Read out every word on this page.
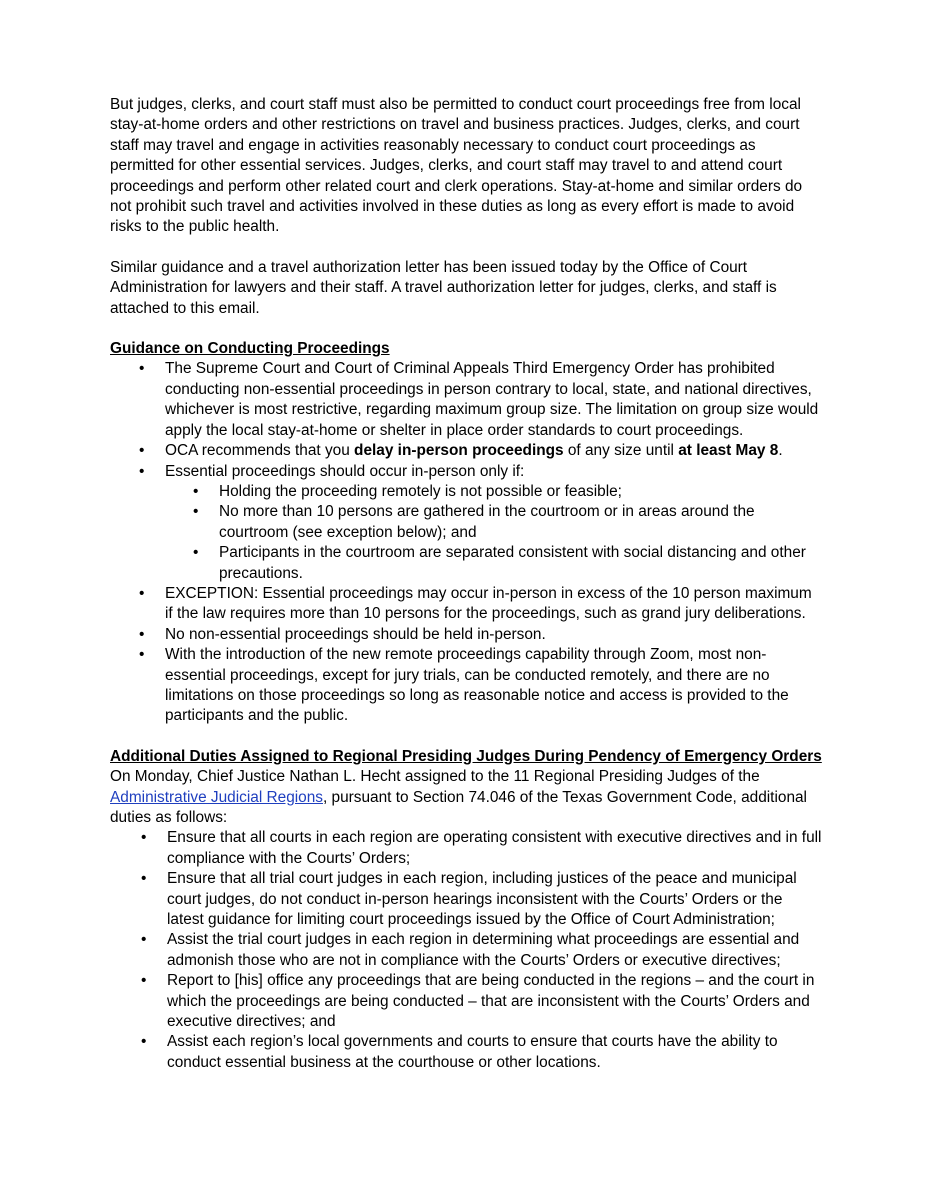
But judges, clerks, and court staff must also be permitted to conduct court proceedings free from local stay-at-home orders and other restrictions on travel and business practices. Judges, clerks, and court staff may travel and engage in activities reasonably necessary to conduct court proceedings as permitted for other essential services. Judges, clerks, and court staff may travel to and attend court proceedings and perform other related court and clerk operations. Stay-at-home and similar orders do not prohibit such travel and activities involved in these duties as long as every effort is made to avoid risks to the public health.

Similar guidance and a travel authorization letter has been issued today by the Office of Court Administration for lawyers and their staff. A travel authorization letter for judges, clerks, and staff is attached to this email.

Guidance on Conducting Proceedings

• The Supreme Court and Court of Criminal Appeals Third Emergency Order has prohibited conducting non-essential proceedings in person contrary to local, state, and national directives, whichever is most restrictive, regarding maximum group size. The limitation on group size would apply the local stay-at-home or shelter in place order standards to court proceedings.
• OCA recommends that you delay in-person proceedings of any size until at least May 8.
• Essential proceedings should occur in-person only if:
• Holding the proceeding remotely is not possible or feasible;
• No more than 10 persons are gathered in the courtroom or in areas around the courtroom (see exception below); and
• Participants in the courtroom are separated consistent with social distancing and other precautions.
• EXCEPTION: Essential proceedings may occur in-person in excess of the 10 person maximum if the law requires more than 10 persons for the proceedings, such as grand jury deliberations.
• No non-essential proceedings should be held in-person.
• With the introduction of the new remote proceedings capability through Zoom, most non-essential proceedings, except for jury trials, can be conducted remotely, and there are no limitations on those proceedings so long as reasonable notice and access is provided to the participants and the public.

Additional Duties Assigned to Regional Presiding Judges During Pendency of Emergency Orders

On Monday, Chief Justice Nathan L. Hecht assigned to the 11 Regional Presiding Judges of the Administrative Judicial Regions, pursuant to Section 74.046 of the Texas Government Code, additional duties as follows:

• Ensure that all courts in each region are operating consistent with executive directives and in full compliance with the Courts’ Orders;
• Ensure that all trial court judges in each region, including justices of the peace and municipal court judges, do not conduct in-person hearings inconsistent with the Courts’ Orders or the latest guidance for limiting court proceedings issued by the Office of Court Administration;
• Assist the trial court judges in each region in determining what proceedings are essential and admonish those who are not in compliance with the Courts’ Orders or executive directives;
• Report to [his] office any proceedings that are being conducted in the regions – and the court in which the proceedings are being conducted – that are inconsistent with the Courts’ Orders and executive directives; and
• Assist each region’s local governments and courts to ensure that courts have the ability to conduct essential business at the courthouse or other locations.
